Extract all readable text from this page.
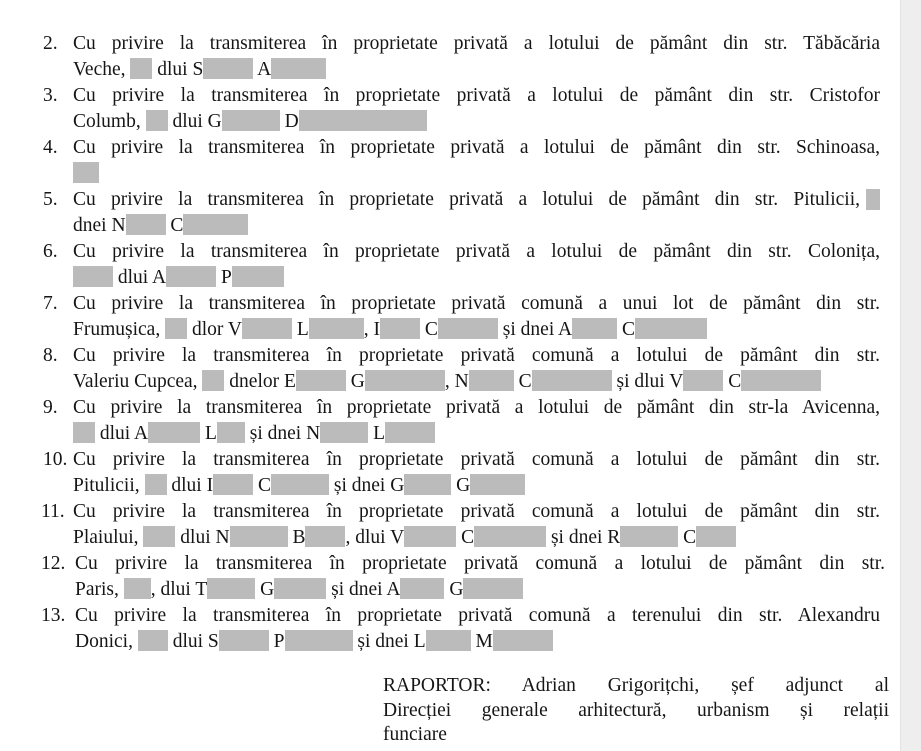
2. Cu privire la transmiterea în proprietate privată a lotului de pământ din str. Tăbăcăria
Veche,  dlui S	A
3. Cu privire la transmiterea în proprietate privată a lotului de pământ din str. Cristofor
Columb,  dlui G	D
4. Cu privire la transmiterea în proprietate privată a lotului de pământ din str. Schinoasa,
5. Cu privire la transmiterea în proprietate privată a lotului de pământ din str. Pitulicii,
dnei N C
6. Cu privire la transmiterea în proprietate privată a lotului de pământ din str. Colonița,
dlui A	P
7. Cu privire la transmiterea în proprietate privată comună a unui lot de pământ din str.
Frumușica,  dlor V	L	, I C	și dnei A C
8. Cu privire la transmiterea în proprietate privată comună a lotului de pământ din str.
Valeriu Cupcea,  dnelor E	G	, N C	și dlui V C
9. Cu privire la transmiterea în proprietate privată a lotului de pământ din str-la Avicenna,
dlui A	L și dnei N L
10. Cu privire la transmiterea în proprietate privată comună a lotului de pământ din str.
Pitulicii,  dlui I C	și dnei G G
11. Cu privire la transmiterea în proprietate privată comună a lotului de pământ din str.
Plaiului,  dlui N	B , dlui V	C	și dnei R	C
12. Cu privire la transmiterea în proprietate privată comună a lotului de pământ din str.
Paris, , dlui T G	și dnei A G
13. Cu privire la transmiterea în proprietate privată comună a terenului din str. Alexandru
Donici,  dlui S	P	și dnei L M
RAPORTOR: Adrian Grigorițchi, șef adjunct al
Direcției generale arhitectură, urbanism și relații
funciare
